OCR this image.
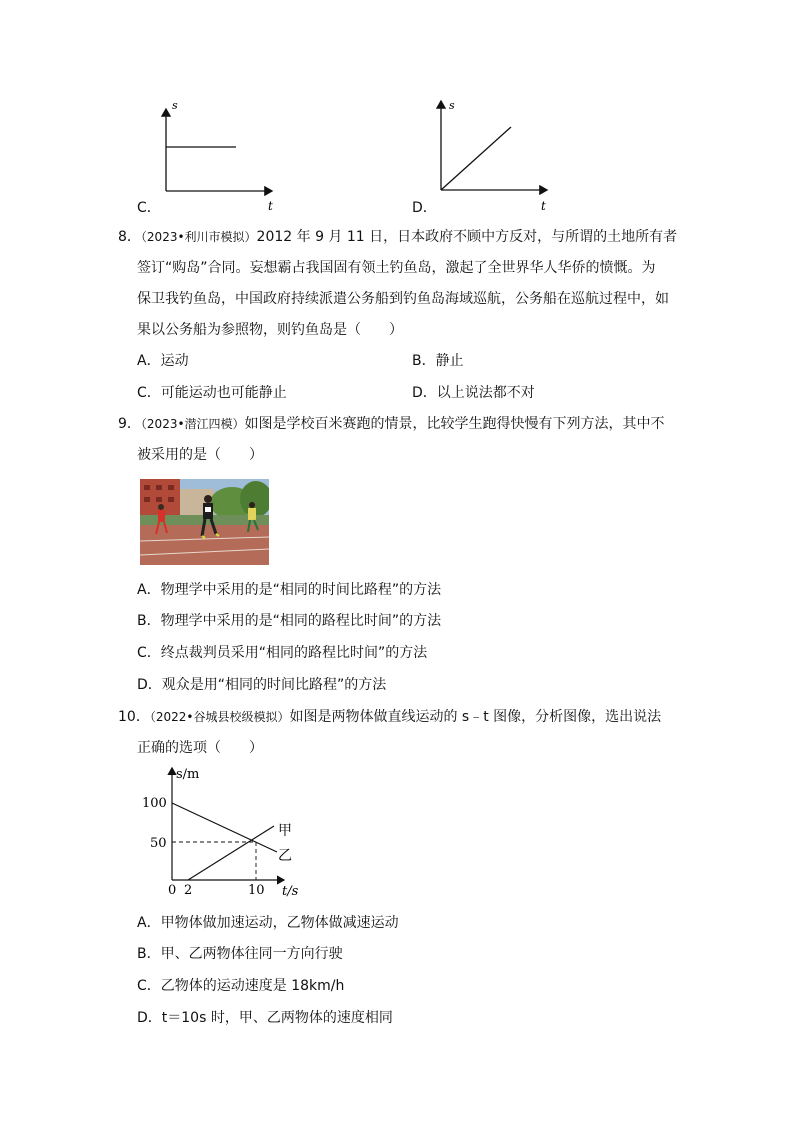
s
t
C．
s
t
D．
8．（2023•利川市模拟）2012 年 9 月 11 日，日本政府不顾中方反对，与所谓的土地所有者
签订“购岛”合同。妄想霸占我国固有领土钓鱼岛，激起了全世界华人华侨的愤慨。为
保卫我钓鱼岛，中国政府持续派遣公务船到钓鱼岛海域巡航，公务船在巡航过程中，如
果以公务船为参照物，则钓鱼岛是（　　）
A．运动	B．静止
C．可能运动也可能静止	D．以上说法都不对
9．（2023•潜江四模）如图是学校百米赛跑的情景，比较学生跑得快慢有下列方法，其中不
被采用的是（　　）
A．物理学中采用的是“相同的时间比路程”的方法
B．物理学中采用的是“相同的路程比时间”的方法
C．终点裁判员采用“相同的路程比时间”的方法
D．观众是用“相同的时间比路程”的方法
10．（2022•谷城县校级模拟）如图是两物体做直线运动的 s﹣t 图像，分析图像，选出说法
正确的选项（　　）
s/m
100
50
0 2	10 t/s
甲
乙
A．甲物体做加速运动，乙物体做减速运动
B．甲、乙两物体往同一方向行驶
C．乙物体的运动速度是 18km/h
D．t＝10s 时，甲、乙两物体的速度相同
